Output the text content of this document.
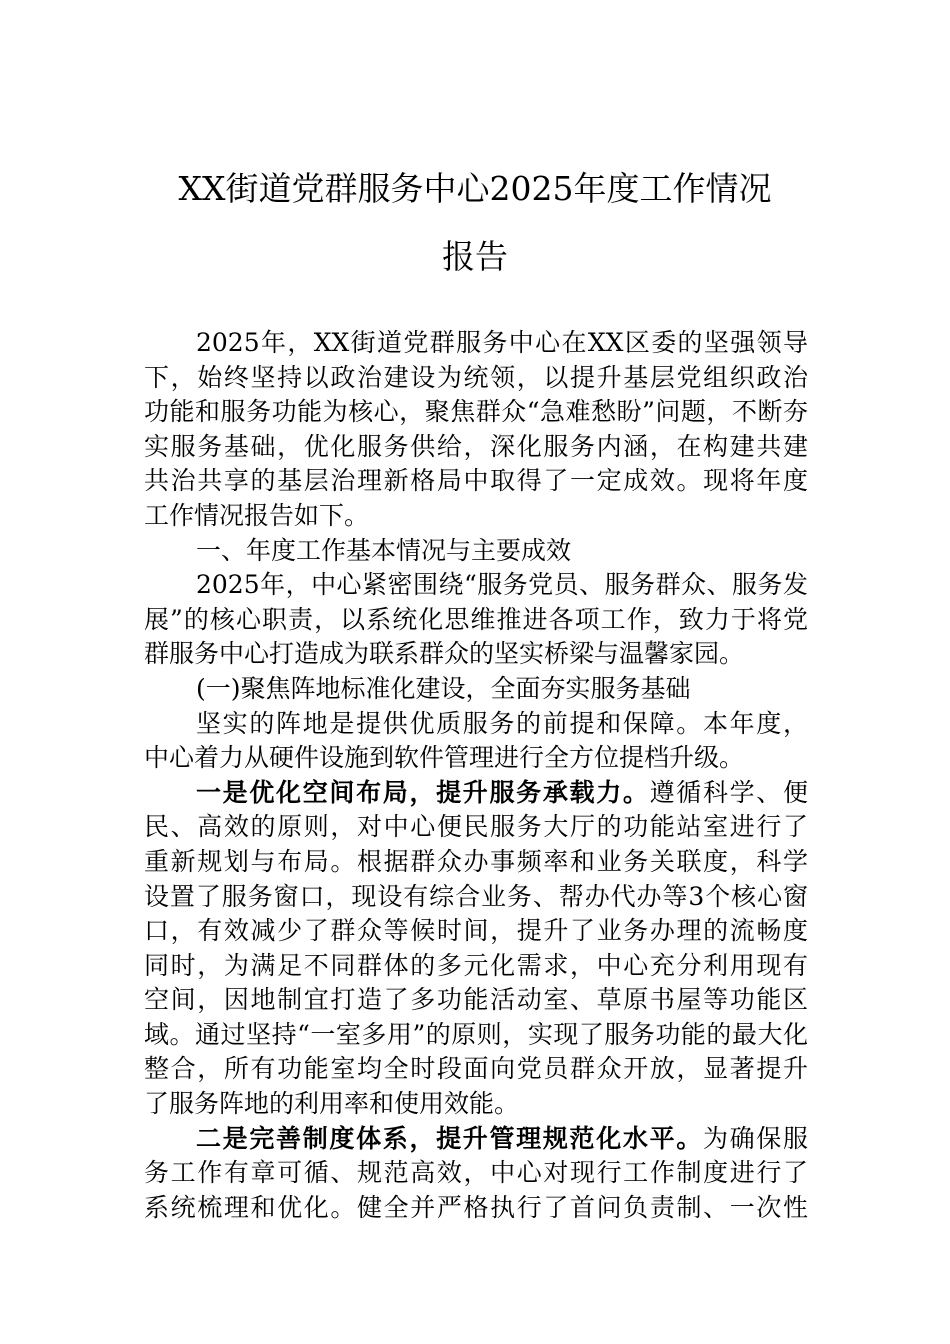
XX街道党群服务中心2025年度工作情况
报告
2025年，XX街道党群服务中心在XX区委的坚强领导
下，始终坚持以政治建设为统领，以提升基层党组织政治
功能和服务功能为核心，聚焦群众“急难愁盼”问题，不断夯
实服务基础，优化服务供给，深化服务内涵，在构建共建
共治共享的基层治理新格局中取得了一定成效。现将年度
工作情况报告如下。
一、年度工作基本情况与主要成效
2025年，中心紧密围绕“服务党员、服务群众、服务发
展”的核心职责，以系统化思维推进各项工作，致力于将党
群服务中心打造成为联系群众的坚实桥梁与温馨家园。
(一)聚焦阵地标准化建设，全面夯实服务基础
坚实的阵地是提供优质服务的前提和保障。本年度，
中心着力从硬件设施到软件管理进行全方位提档升级。
一是优化空间布局，提升服务承载力。遵循科学、便
民、高效的原则，对中心便民服务大厅的功能站室进行了
重新规划与布局。根据群众办事频率和业务关联度，科学
设置了服务窗口，现设有综合业务、帮办代办等3个核心窗
口，有效减少了群众等候时间，提升了业务办理的流畅度
同时，为满足不同群体的多元化需求，中心充分利用现有
空间，因地制宜打造了多功能活动室、草原书屋等功能区
域。通过坚持“一室多用”的原则，实现了服务功能的最大化
整合，所有功能室均全时段面向党员群众开放，显著提升
了服务阵地的利用率和使用效能。
二是完善制度体系，提升管理规范化水平。为确保服
务工作有章可循、规范高效，中心对现行工作制度进行了
系统梳理和优化。健全并严格执行了首问负责制、一次性
